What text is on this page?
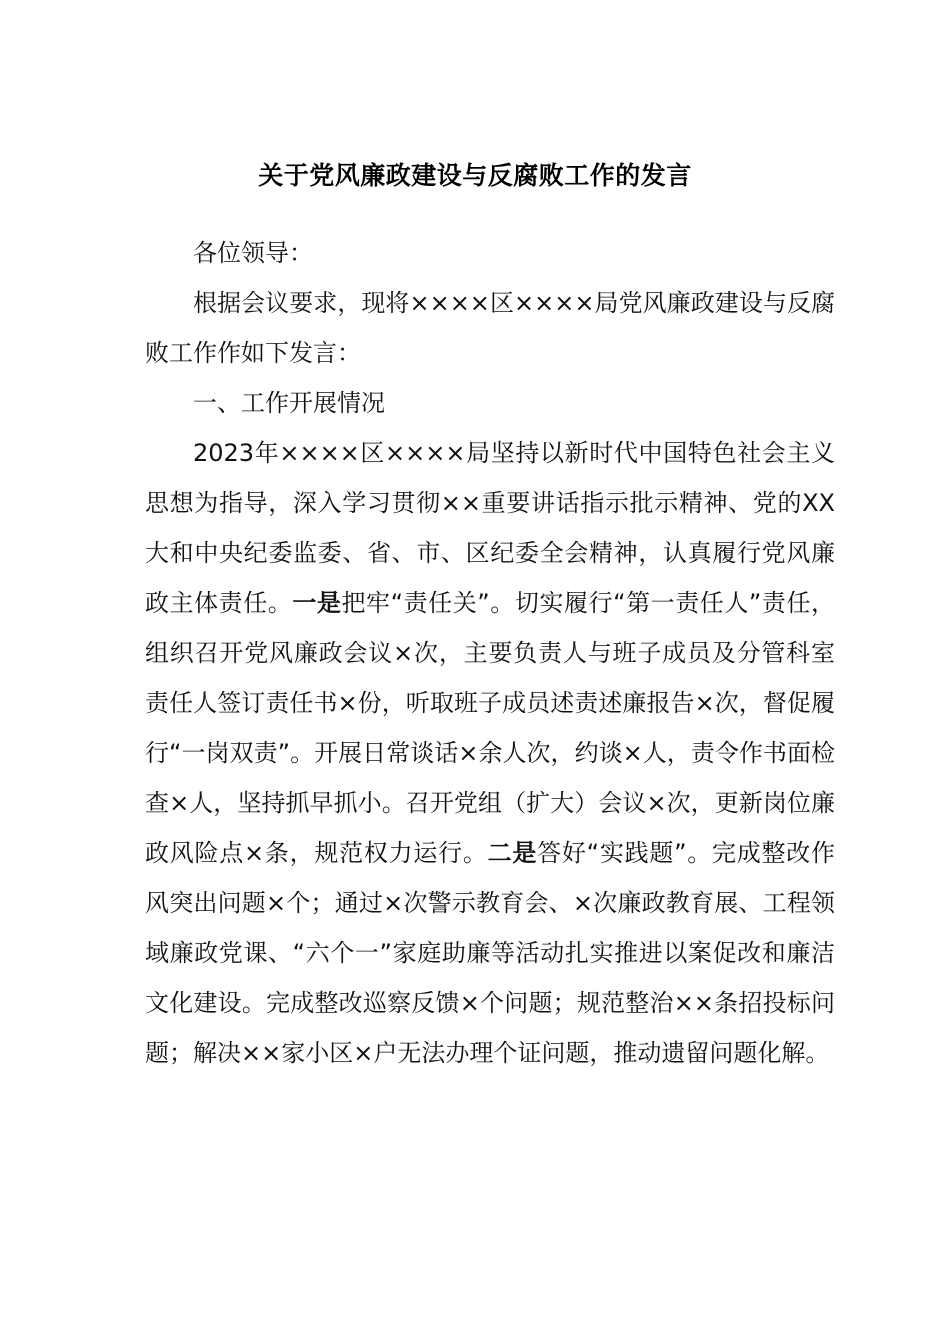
关于党风廉政建设与反腐败工作的发言

各位领导：

根据会议要求，现将××××区××××局党风廉政建设与反腐败工作作如下发言：

一、工作开展情况

2023年××××区××××局坚持以新时代中国特色社会主义思想为指导，深入学习贯彻××重要讲话指示批示精神、党的XX大和中央纪委监委、省、市、区纪委全会精神，认真履行党风廉政主体责任。一是把牢“责任关”。切实履行“第一责任人”责任，组织召开党风廉政会议×次，主要负责人与班子成员及分管科室责任人签订责任书×份，听取班子成员述责述廉报告×次，督促履行“一岗双责”。开展日常谈话×余人次，约谈×人，责令作书面检查×人，坚持抓早抓小。召开党组（扩大）会议×次，更新岗位廉政风险点×条，规范权力运行。二是答好“实践题”。完成整改作风突出问题×个；通过×次警示教育会、×次廉政教育展、工程领域廉政党课、“六个一”家庭助廉等活动扎实推进以案促改和廉洁文化建设。完成整改巡察反馈×个问题；规范整治××条招投标问题；解决××家小区×户无法办理个证问题，推动遗留问题化解。
